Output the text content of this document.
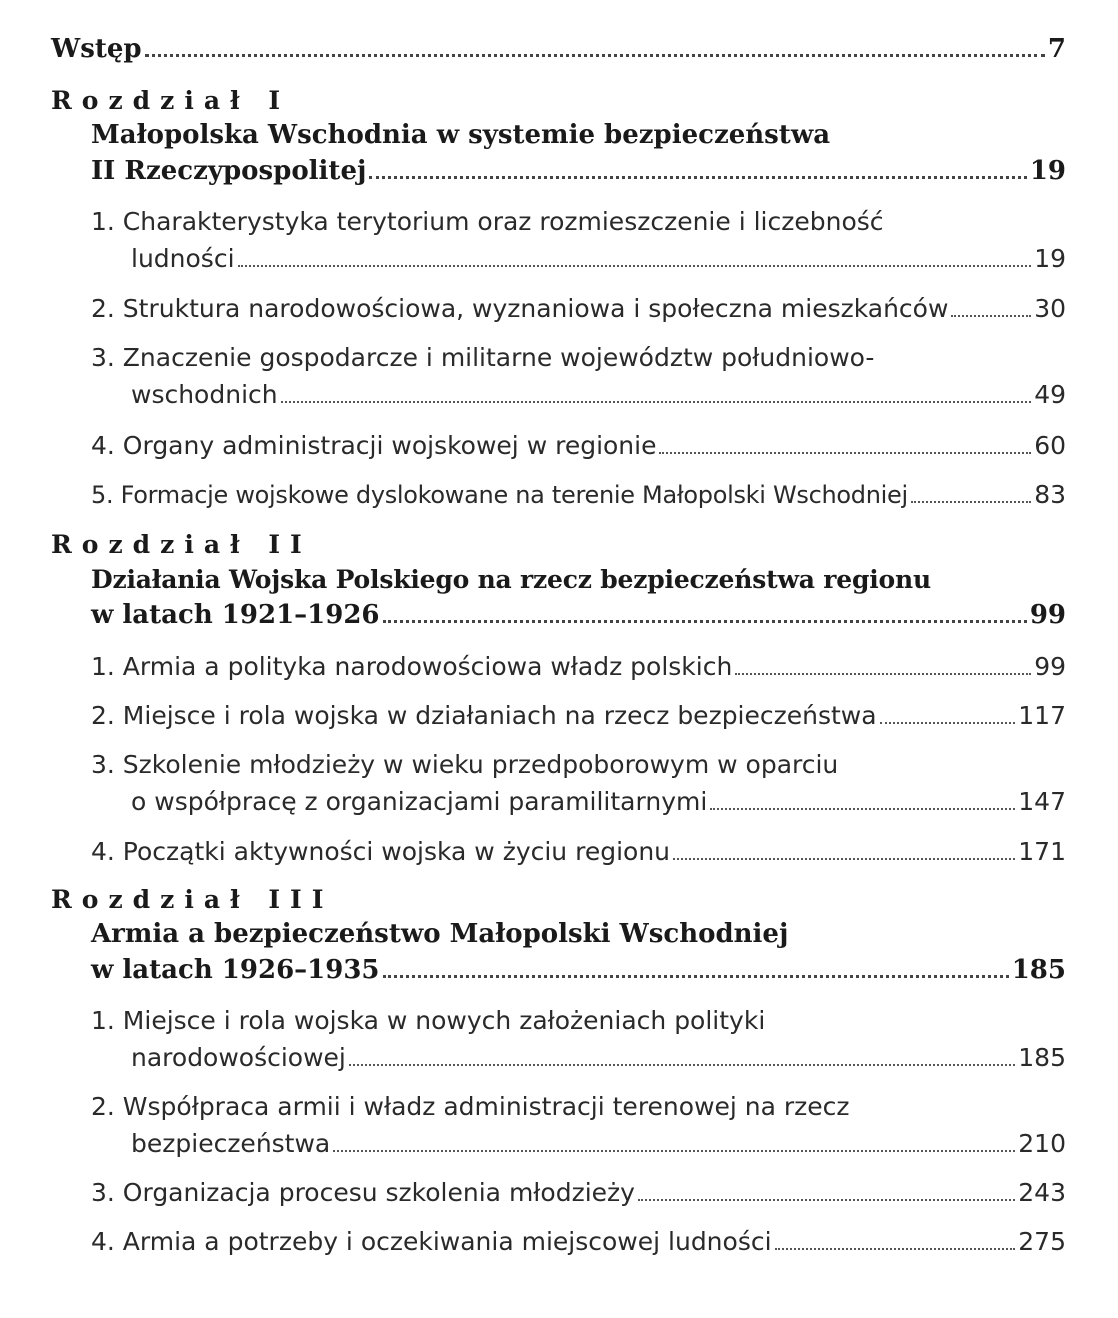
Wstęp	7
Rozdział I
Małopolska Wschodnia w systemie bezpieczeństwa
II Rzeczypospolitej	19
1. Charakterystyka terytorium oraz rozmieszczenie i liczebność
ludności	19
2. Struktura narodowościowa, wyznaniowa i społeczna mieszkańców	30
3. Znaczenie gospodarcze i militarne województw południowo-
wschodnich	49
4. Organy administracji wojskowej w regionie	60
5. Formacje wojskowe dyslokowane na terenie Małopolski Wschodniej	83
Rozdział II
Działania Wojska Polskiego na rzecz bezpieczeństwa regionu
w latach 1921–1926	99
1. Armia a polityka narodowościowa władz polskich	99
2. Miejsce i rola wojska w działaniach na rzecz bezpieczeństwa	117
3. Szkolenie młodzieży w wieku przedpoborowym w oparciu
o współpracę z organizacjami paramilitarnymi	147
4. Początki aktywności wojska w życiu regionu	171
Rozdział III
Armia a bezpieczeństwo Małopolski Wschodniej
w latach 1926–1935	185
1. Miejsce i rola wojska w nowych założeniach polityki
narodowościowej	185
2. Współpraca armii i władz administracji terenowej na rzecz
bezpieczeństwa	210
3. Organizacja procesu szkolenia młodzieży	243
4. Armia a potrzeby i oczekiwania miejscowej ludności	275
